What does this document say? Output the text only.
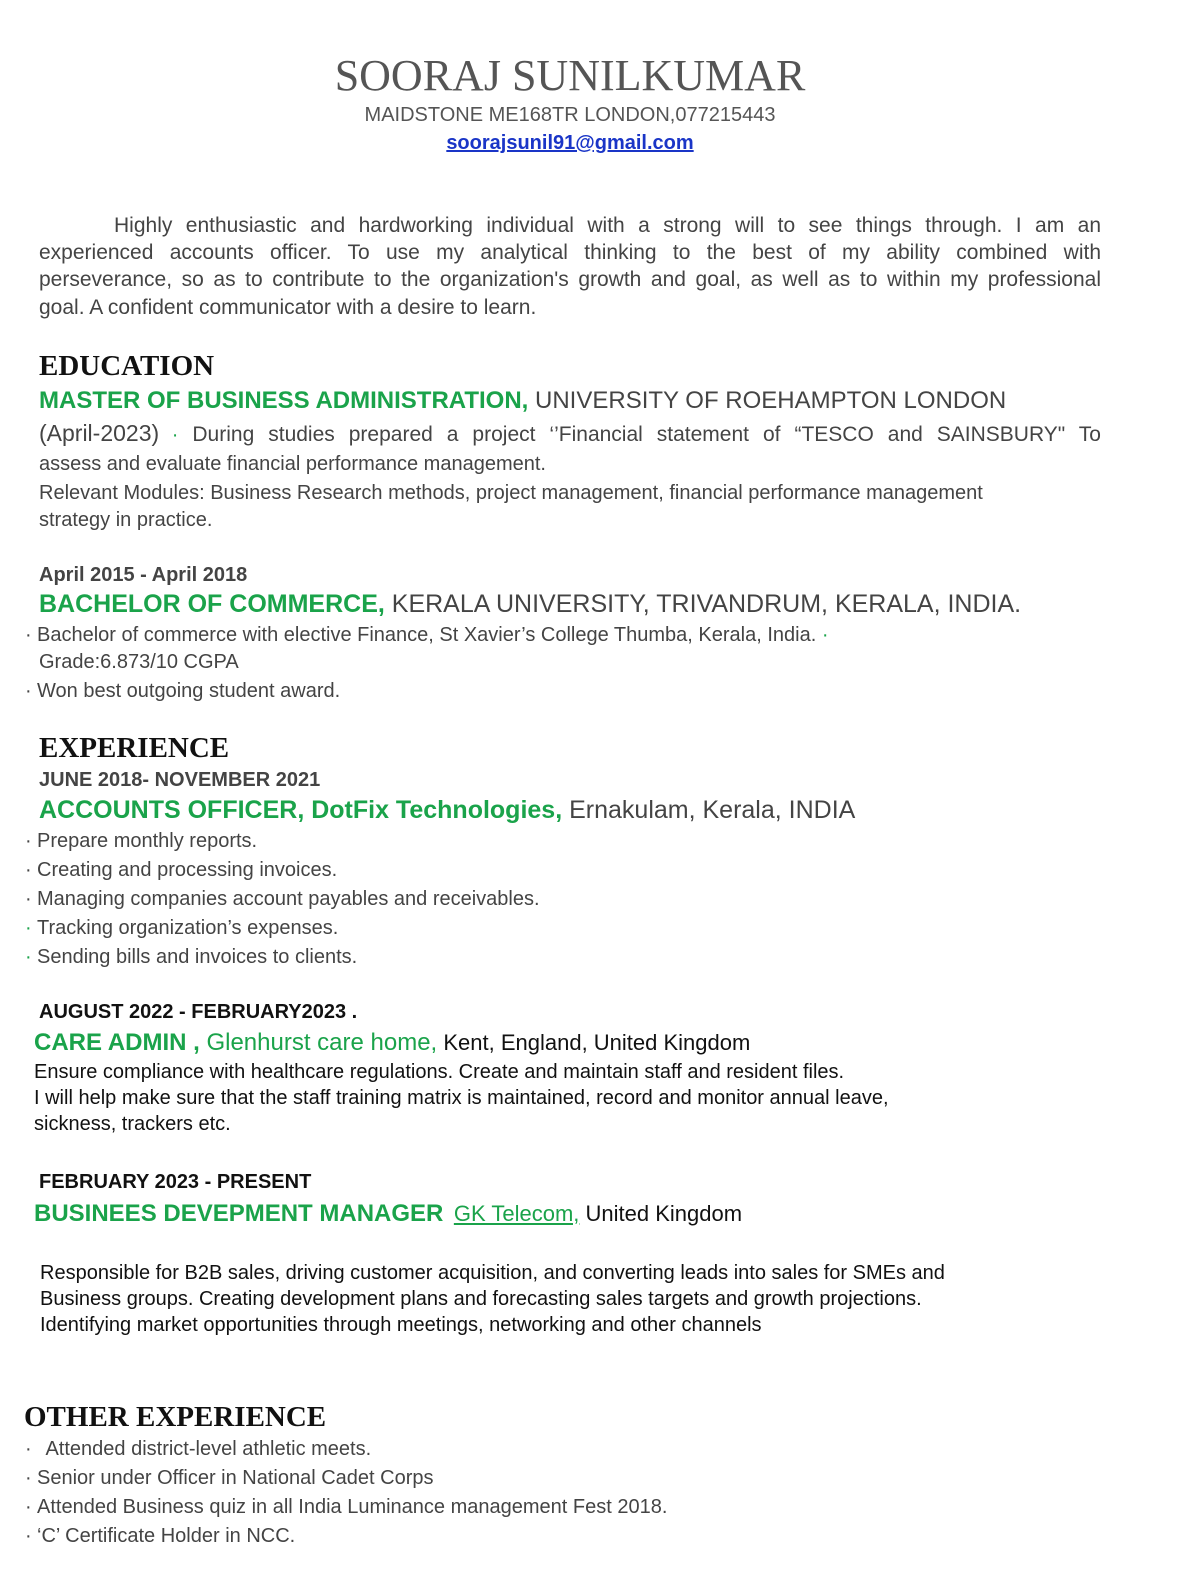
SOORAJ SUNILKUMAR
MAIDSTONE ME168TR LONDON,077215443
soorajsunil91@gmail.com
Highly enthusiastic and hardworking individual with a strong will to see things through. I am an
experienced accounts officer. To use my analytical thinking to the best of my ability combined with
perseverance, so as to contribute to the organization's growth and goal, as well as to within my professional
goal. A confident communicator with a desire to learn.
EDUCATION
MASTER OF BUSINESS ADMINISTRATION, UNIVERSITY OF ROEHAMPTON LONDON
(April-2023) · During studies prepared a project ‘’Financial statement of “TESCO and SAINSBURY" To
assess and evaluate financial performance management.
Relevant Modules: Business Research methods, project management, financial performance management
strategy in practice.
April 2015 - April 2018
BACHELOR OF COMMERCE, KERALA UNIVERSITY, TRIVANDRUM, KERALA, INDIA.
· Bachelor of commerce with elective Finance, St Xavier’s College Thumba, Kerala, India. ·
Grade:6.873/10 CGPA
· Won best outgoing student award.
EXPERIENCE
JUNE 2018- NOVEMBER 2021
ACCOUNTS OFFICER, DotFix Technologies, Ernakulam, Kerala, INDIA
· Prepare monthly reports.
· Creating and processing invoices.
· Managing companies account payables and receivables.
· Tracking organization’s expenses.
· Sending bills and invoices to clients.
AUGUST 2022 - FEBRUARY2023 .
CARE ADMIN , Glenhurst care home, Kent, England, United Kingdom
Ensure compliance with healthcare regulations. Create and maintain staff and resident files.
I will help make sure that the staff training matrix is maintained, record and monitor annual leave,
sickness, trackers etc.
FEBRUARY 2023 - PRESENT
BUSINEES DEVEPMENT MANAGER GK Telecom, United Kingdom
Responsible for B2B sales, driving customer acquisition, and converting leads into sales for SMEs and
Business groups. Creating development plans and forecasting sales targets and growth projections.
Identifying market opportunities through meetings, networking and other channels
OTHER EXPERIENCE
· Attended district-level athletic meets.
· Senior under Officer in National Cadet Corps
· Attended Business quiz in all India Luminance management Fest 2018.
· ‘C’ Certificate Holder in NCC.
